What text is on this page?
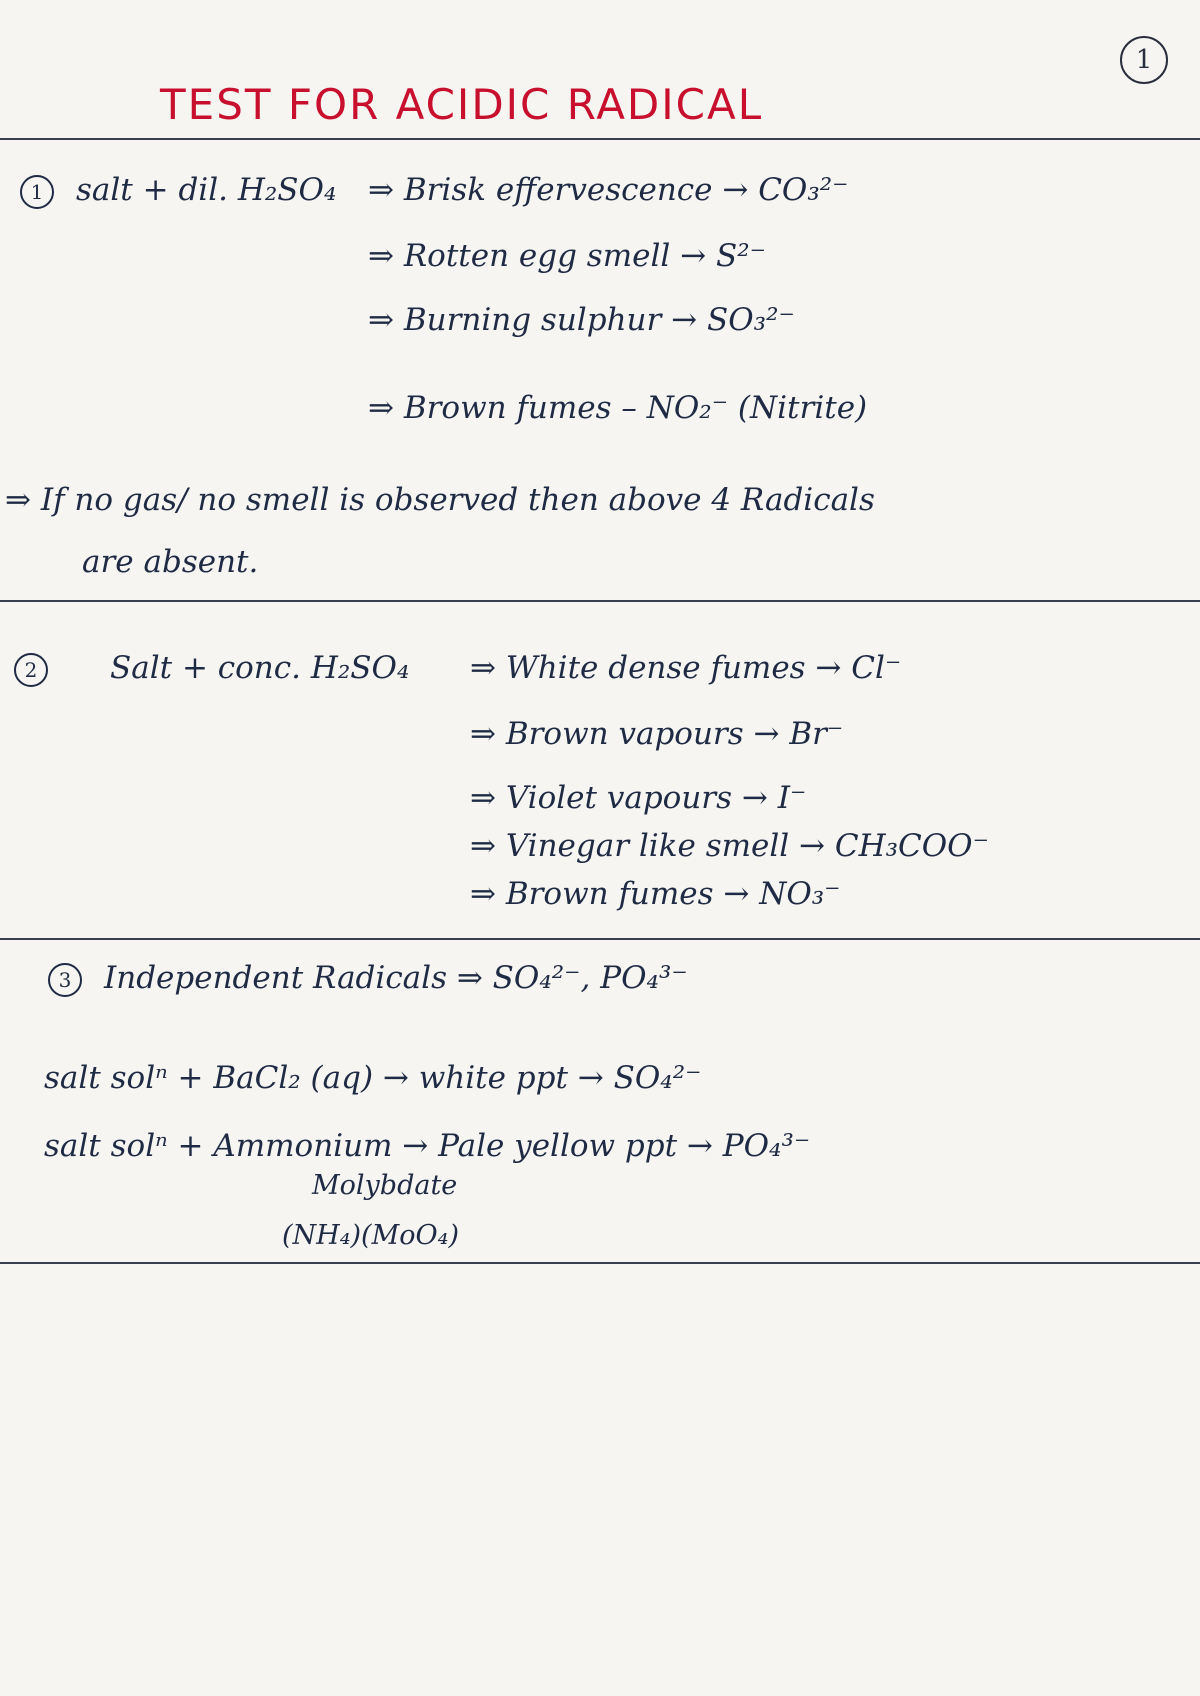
1
TEST FOR ACIDIC RADICAL
1 salt + dil. H₂SO₄ ⇒ Brisk effervescence → CO₃²⁻
⇒ Rotten egg smell → S²⁻
⇒ Burning sulphur → SO₃²⁻
⇒ Brown fumes – NO₂⁻ (Nitrite)
⇒ If no gas/ no smell is observed then above 4 Radicals
are absent.
2 Salt + conc. H₂SO₄ ⇒ White dense fumes → Cl⁻
⇒ Brown vapours → Br⁻
⇒ Violet vapours → I⁻
⇒ Vinegar like smell → CH₃COO⁻
⇒ Brown fumes → NO₃⁻
3 Independent Radicals ⇒ SO₄²⁻, PO₄³⁻
salt solⁿ + BaCl₂ (aq) → white ppt → SO₄²⁻
salt solⁿ + Ammonium → Pale yellow ppt → PO₄³⁻
Molybdate
(NH₄)(MoO₄)
